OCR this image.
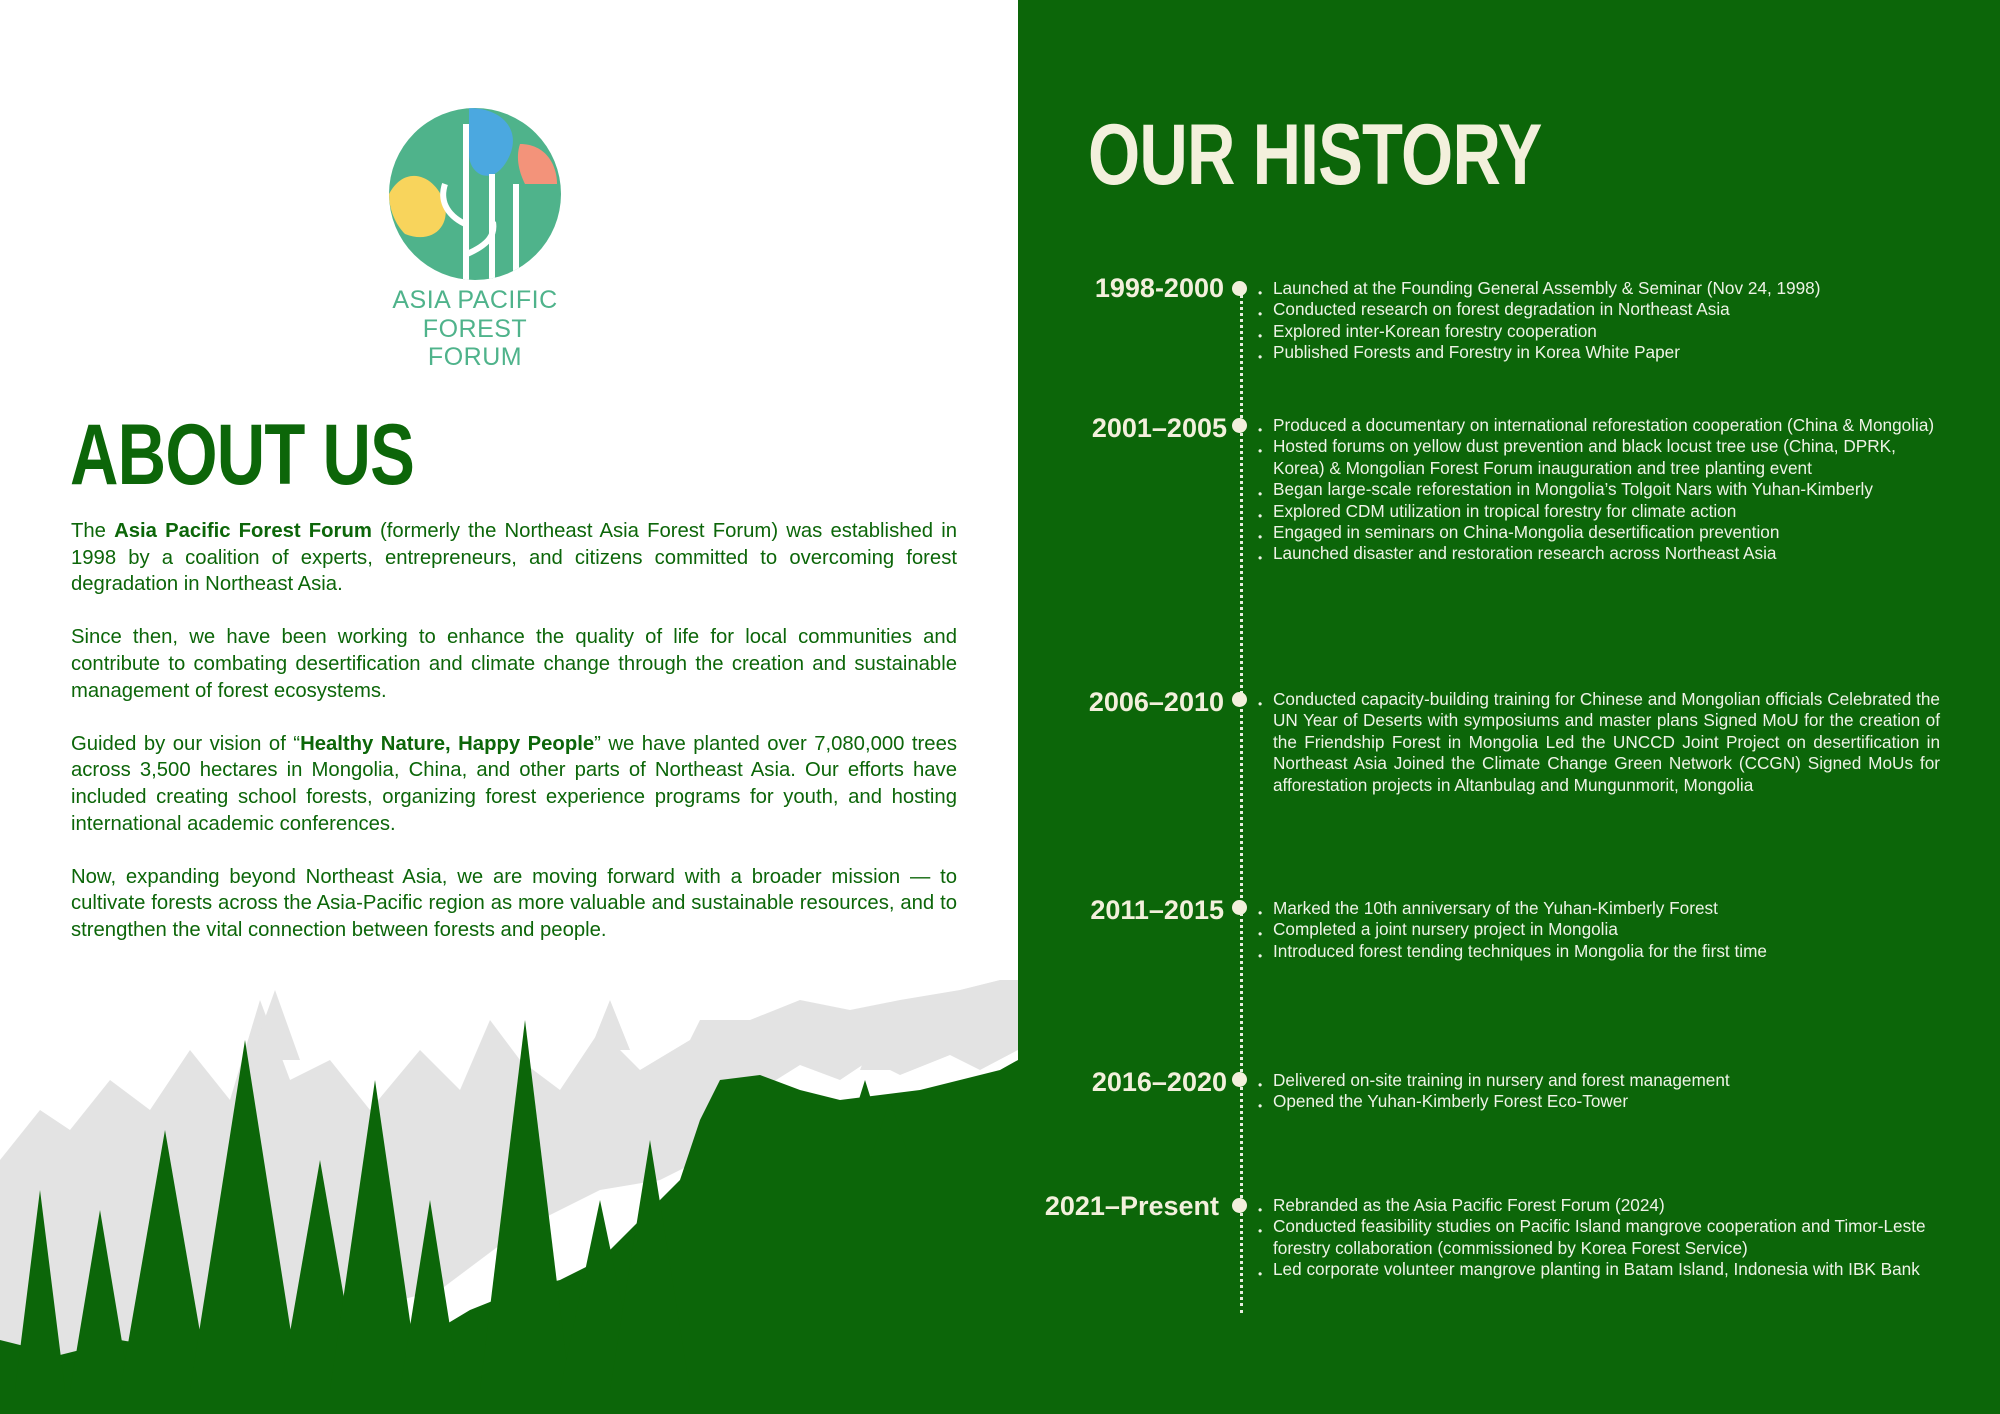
ASIA PACIFIC
FOREST FORUM
ABOUT US

The Asia Pacific Forest Forum (formerly the Northeast Asia Forest Forum) was established in 1998 by a coalition of experts, entrepreneurs, and citizens committed to overcoming forest degradation in Northeast Asia.

Since then, we have been working to enhance the quality of life for local communities and contribute to combating desertification and climate change through the creation and sustainable management of forest ecosystems.

Guided by our vision of “Healthy Nature, Happy People” we have planted over 7,080,000 trees across 3,500 hectares in Mongolia, China, and other parts of Northeast Asia. Our efforts have included creating school forests, organizing forest experience programs for youth, and hosting international academic conferences.

Now, expanding beyond Northeast Asia, we are moving forward with a broader mission — to cultivate forests across the Asia-Pacific region as more valuable and sustainable resources, and to strengthen the vital connection between forests and people.

OUR HISTORY
1998-2000	• Launched at the Founding General Assembly & Seminar (Nov 24, 1998)
• Conducted research on forest degradation in Northeast Asia
• Explored inter-Korean forestry cooperation
• Published Forests and Forestry in Korea White Paper
2001–2005	• Produced a documentary on international reforestation cooperation (China & Mongolia)
• Hosted forums on yellow dust prevention and black locust tree use (China, DPRK, Korea) & Mongolian Forest Forum inauguration and tree planting event
• Began large-scale reforestation in Mongolia’s Tolgoit Nars with Yuhan-Kimberly
• Explored CDM utilization in tropical forestry for climate action
• Engaged in seminars on China-Mongolia desertification prevention
• Launched disaster and restoration research across Northeast Asia
2006–2010	• Conducted capacity-building training for Chinese and Mongolian officials Celebrated the UN Year of Deserts with symposiums and master plans Signed MoU for the creation of the Friendship Forest in Mongolia Led the UNCCD Joint Project on desertification in Northeast Asia Joined the Climate Change Green Network (CCGN) Signed MoUs for afforestation projects in Altanbulag and Mungunmorit, Mongolia
2011–2015	• Marked the 10th anniversary of the Yuhan-Kimberly Forest
• Completed a joint nursery project in Mongolia
• Introduced forest tending techniques in Mongolia for the first time
2016–2020	• Delivered on-site training in nursery and forest management
• Opened the Yuhan-Kimberly Forest Eco-Tower
2021–Present	• Rebranded as the Asia Pacific Forest Forum (2024)
• Conducted feasibility studies on Pacific Island mangrove cooperation and Timor-Leste forestry collaboration (commissioned by Korea Forest Service)
• Led corporate volunteer mangrove planting in Batam Island, Indonesia with IBK Bank
